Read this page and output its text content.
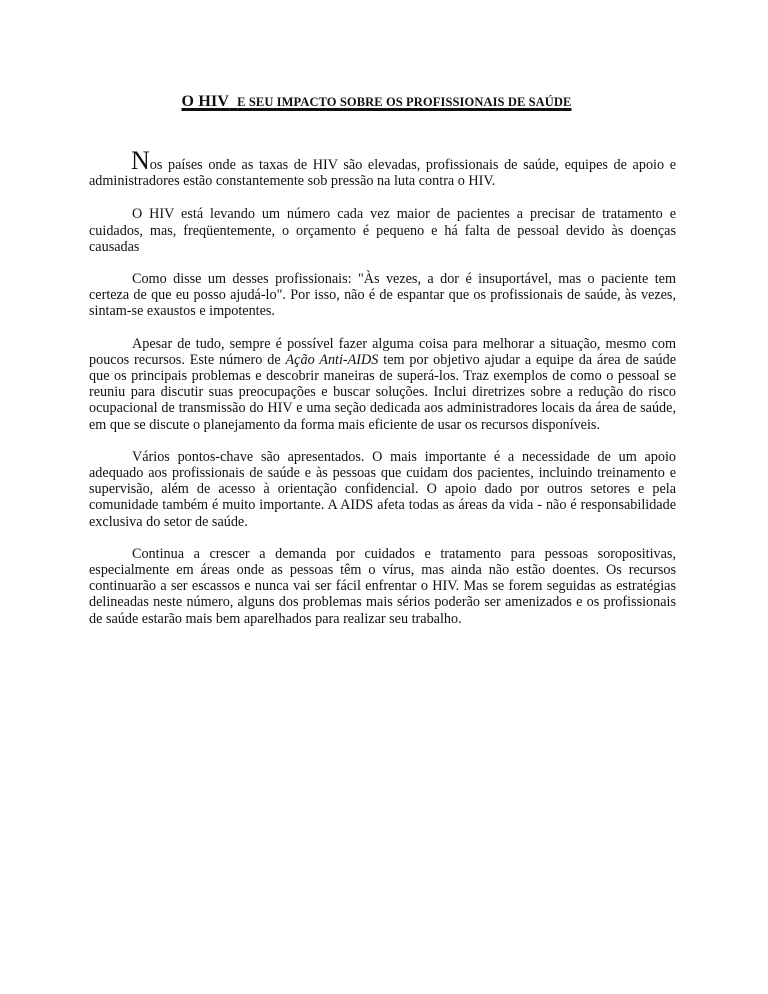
O HIV E SEU IMPACTO SOBRE OS PROFISSIONAIS DE SAÚDE

Nos países onde as taxas de HIV são elevadas, profissionais de saúde, equipes de apoio e administradores estão constantemente sob pressão na luta contra o HIV.

O HIV está levando um número cada vez maior de pacientes a precisar de tratamento e cuidados, mas, freqüentemente, o orçamento é pequeno e há falta de pessoal devido às doenças causadas

Como disse um desses profissionais: "Às vezes, a dor é insuportável, mas o paciente tem certeza de que eu posso ajudá-lo". Por isso, não é de espantar que os profissionais de saúde, às vezes, sintam-se exaustos e impotentes.

Apesar de tudo, sempre é possível fazer alguma coisa para melhorar a situação, mesmo com poucos recursos. Este número de Ação Anti-AIDS tem por objetivo ajudar a equipe da área de saúde que os principais problemas e descobrir maneiras de superá-los. Traz exemplos de como o pessoal se reuniu para discutir suas preocupações e buscar soluções. Inclui diretrizes sobre a redução do risco ocupacional de transmissão do HIV e uma seção dedicada aos administradores locais da área de saúde, em que se discute o planejamento da forma mais eficiente de usar os recursos disponíveis.

Vários pontos-chave são apresentados. O mais importante é a necessidade de um apoio adequado aos profissionais de saúde e às pessoas que cuidam dos pacientes, incluindo treinamento e supervisão, além de acesso à orientação confidencial. O apoio dado por outros setores e pela comunidade também é muito importante. A AIDS afeta todas as áreas da vida - não é responsabilidade exclusiva do setor de saúde.

Continua a crescer a demanda por cuidados e tratamento para pessoas soropositivas, especialmente em áreas onde as pessoas têm o vírus, mas ainda não estão doentes. Os recursos continuarão a ser escassos e nunca vai ser fácil enfrentar o HIV. Mas se forem seguidas as estratégias delineadas neste número, alguns dos problemas mais sérios poderão ser amenizados e os profissionais de saúde estarão mais bem aparelhados para realizar seu trabalho.
